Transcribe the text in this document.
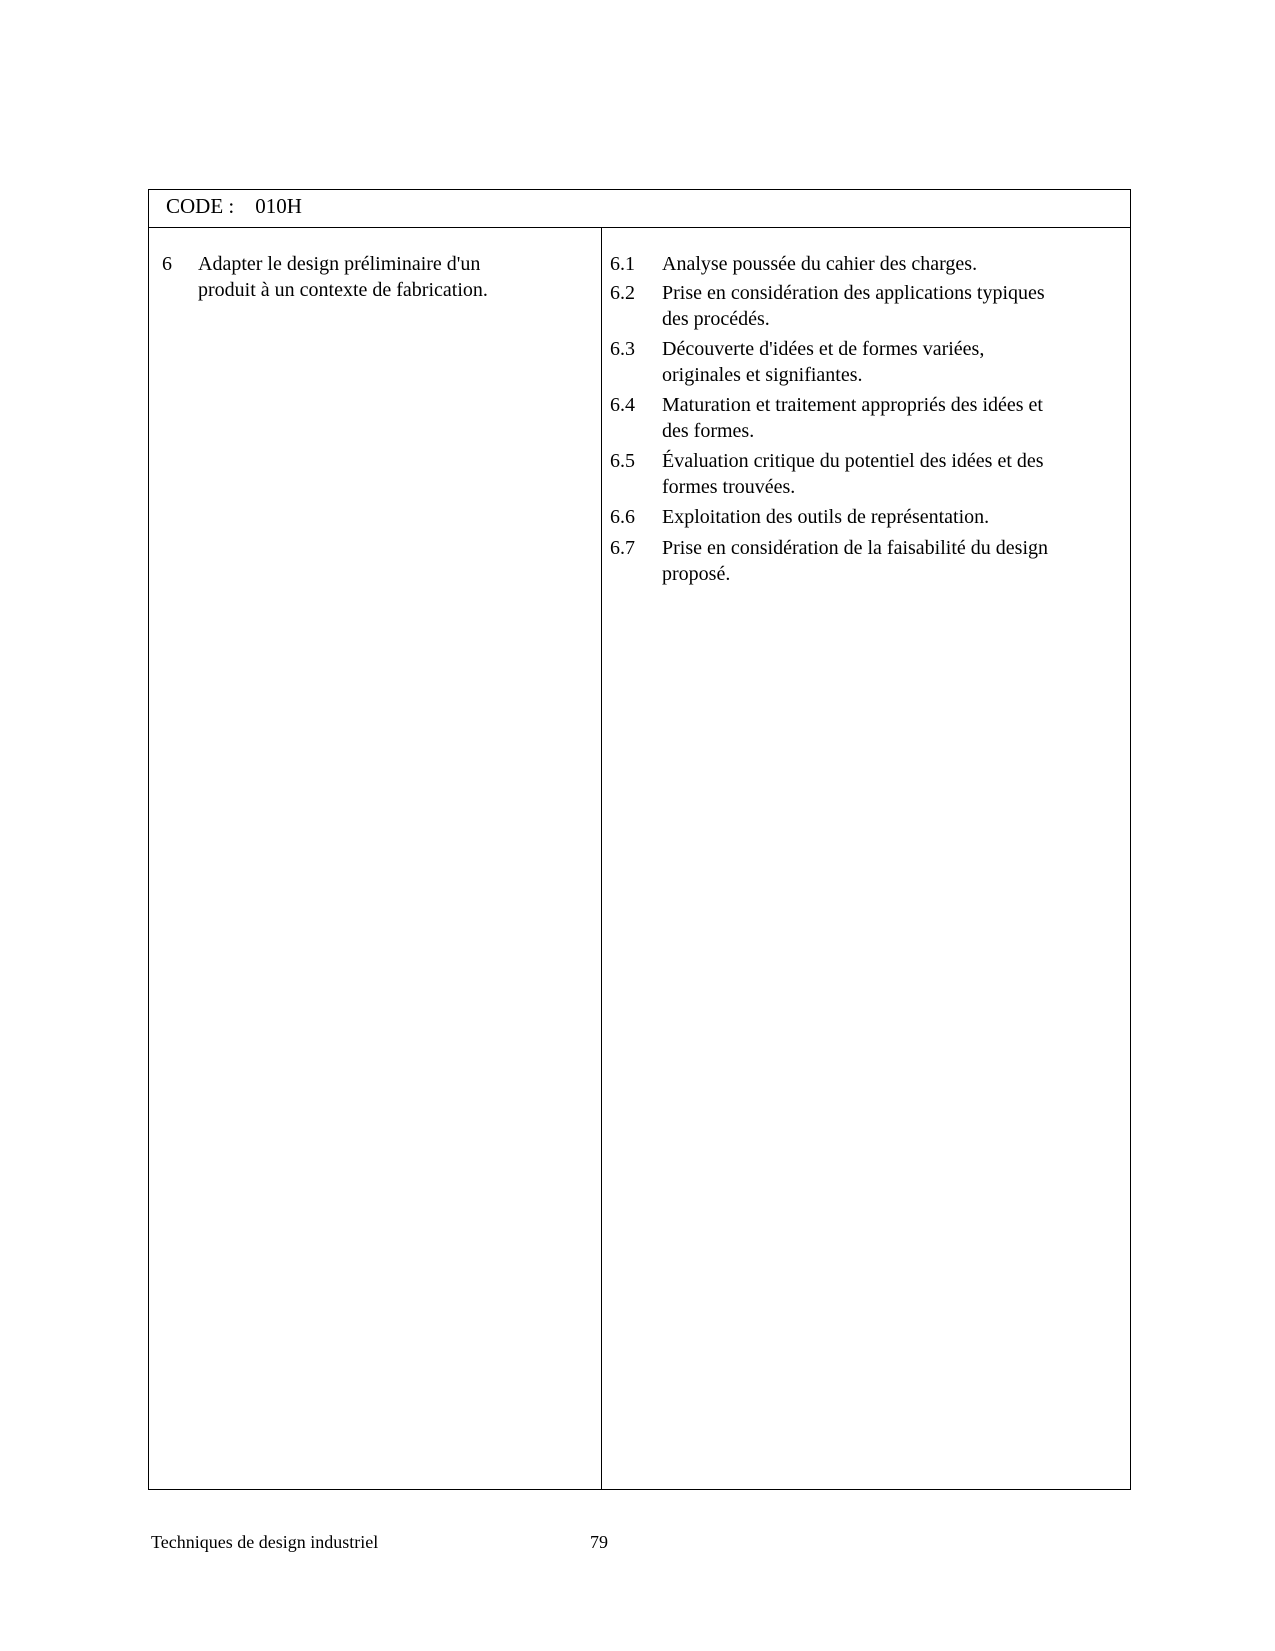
CODE :    010H
6 Adapter le design préliminaire d'un
produit à un contexte de fabrication.
6.1 Analyse poussée du cahier des charges.
6.2 Prise en considération des applications typiques
des procédés.
6.3 Découverte d'idées et de formes variées,
originales et signifiantes.
6.4 Maturation et traitement appropriés des idées et
des formes.
6.5 Évaluation critique du potentiel des idées et des
formes trouvées.
6.6 Exploitation des outils de représentation.
6.7 Prise en considération de la faisabilité du design
proposé.
Techniques de design industriel	79
